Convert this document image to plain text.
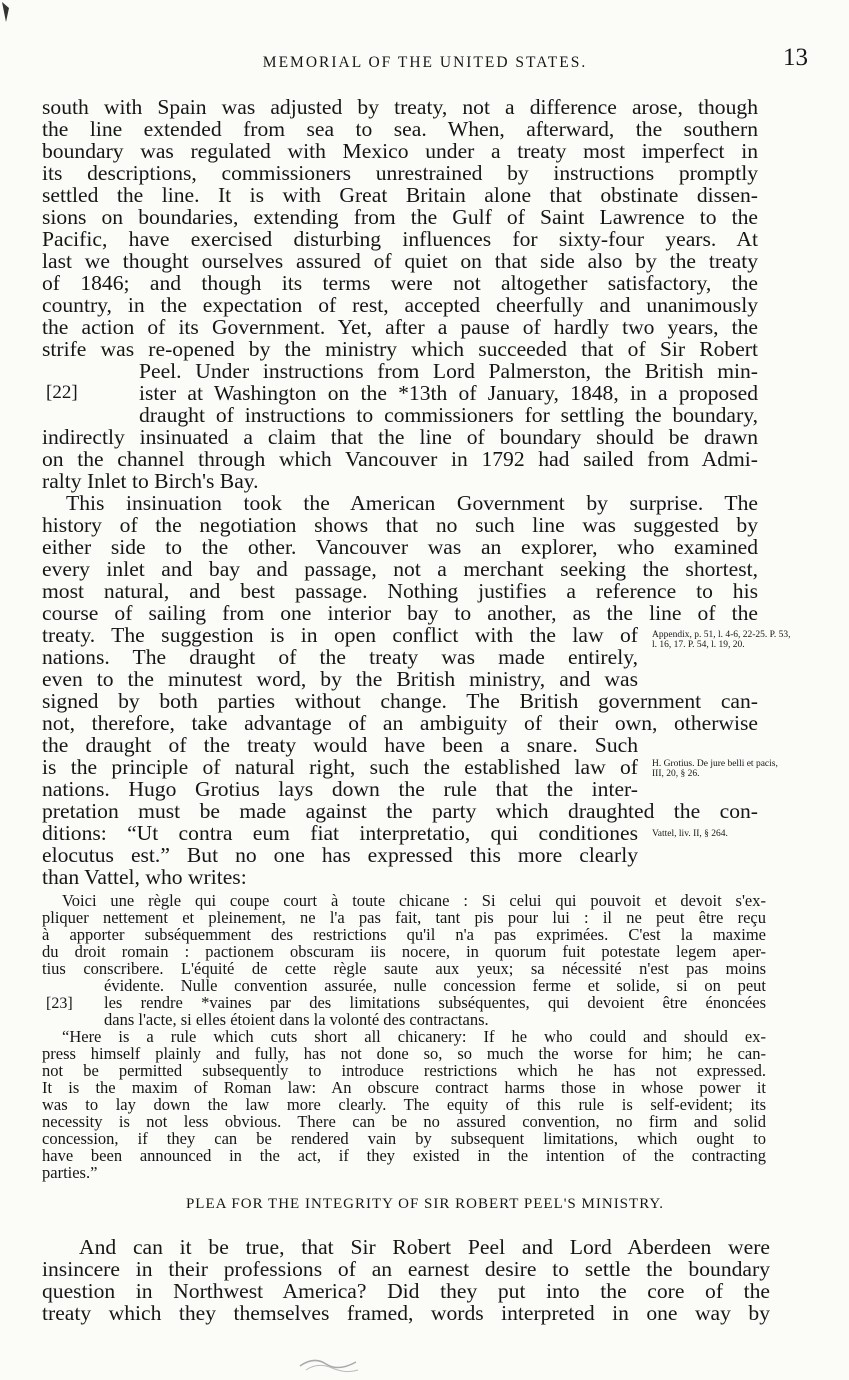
MEMORIAL OF THE UNITED STATES.	13
south with Spain was adjusted by treaty, not a difference arose, though
the line extended from sea to sea. When, afterward, the southern
boundary was regulated with Mexico under a treaty most imperfect in
its descriptions, commissioners unrestrained by instructions promptly
settled the line. It is with Great Britain alone that obstinate dissen-
sions on boundaries, extending from the Gulf of Saint Lawrence to the
Pacific, have exercised disturbing influences for sixty-four years. At
last we thought ourselves assured of quiet on that side also by the treaty
of 1846; and though its terms were not altogether satisfactory, the
country, in the expectation of rest, accepted cheerfully and unanimously
the action of its Government. Yet, after a pause of hardly two years, the
strife was re-opened by the ministry which succeeded that of Sir Robert
Peel. Under instructions from Lord Palmerston, the British min-
ister at Washington on the *13th of January, 1848, in a proposed
draught of instructions to commissioners for settling the boundary,
indirectly insinuated a claim that the line of boundary should be drawn
on the channel through which Vancouver in 1792 had sailed from Admi-
ralty Inlet to Birch's Bay.
This insinuation took the American Government by surprise. The
history of the negotiation shows that no such line was suggested by
either side to the other. Vancouver was an explorer, who examined
every inlet and bay and passage, not a merchant seeking the shortest,
most natural, and best passage. Nothing justifies a reference to his
course of sailing from one interior bay to another, as the line of the
treaty. The suggestion is in open conflict with the law of
nations. The draught of the treaty was made entirely,
even to the minutest word, by the British ministry, and was
signed by both parties without change. The British government can-
not, therefore, take advantage of an ambiguity of their own, otherwise
the draught of the treaty would have been a snare. Such
is the principle of natural right, such the established law of
nations. Hugo Grotius lays down the rule that the inter-
pretation must be made against the party which draughted the con-
ditions: “Ut contra eum fiat interpretatio, qui conditiones
elocutus est.” But no one has expressed this more clearly
than Vattel, who writes:
[22]
Appendix, p. 51, l. 4-6, 22-25. P. 53, l. 16, 17. P. 54, l. 19, 20.
H. Grotius. De jure belli et pacis, III, 20, § 26.
Vattel, liv. II, § 264.
Voici une règle qui coupe court à toute chicane : Si celui qui pouvoit et devoit s'ex-
pliquer nettement et pleinement, ne l'a pas fait, tant pis pour lui : il ne peut être reçu
à apporter subséquemment des restrictions qu'il n'a pas exprimées. C'est la maxime
du droit romain : pactionem obscuram iis nocere, in quorum fuit potestate legem aper-
tius conscribere. L'équité de cette règle saute aux yeux; sa nécessité n'est pas moins
évidente. Nulle convention assurée, nulle concession ferme et solide, si on peut
les rendre *vaines par des limitations subséquentes, qui devoient être énoncées
dans l'acte, si elles étoient dans la volonté des contractans.
“Here is a rule which cuts short all chicanery: If he who could and should ex-
press himself plainly and fully, has not done so, so much the worse for him; he can-
not be permitted subsequently to introduce restrictions which he has not expressed.
It is the maxim of Roman law: An obscure contract harms those in whose power it
was to lay down the law more clearly. The equity of this rule is self-evident; its
necessity is not less obvious. There can be no assured convention, no firm and solid
concession, if they can be rendered vain by subsequent limitations, which ought to
have been announced in the act, if they existed in the intention of the contracting
parties.”
[23]
PLEA FOR THE INTEGRITY OF SIR ROBERT PEEL'S MINISTRY.
And can it be true, that Sir Robert Peel and Lord Aberdeen were
insincere in their professions of an earnest desire to settle the boundary
question in Northwest America? Did they put into the core of the
treaty which they themselves framed, words interpreted in one way by
